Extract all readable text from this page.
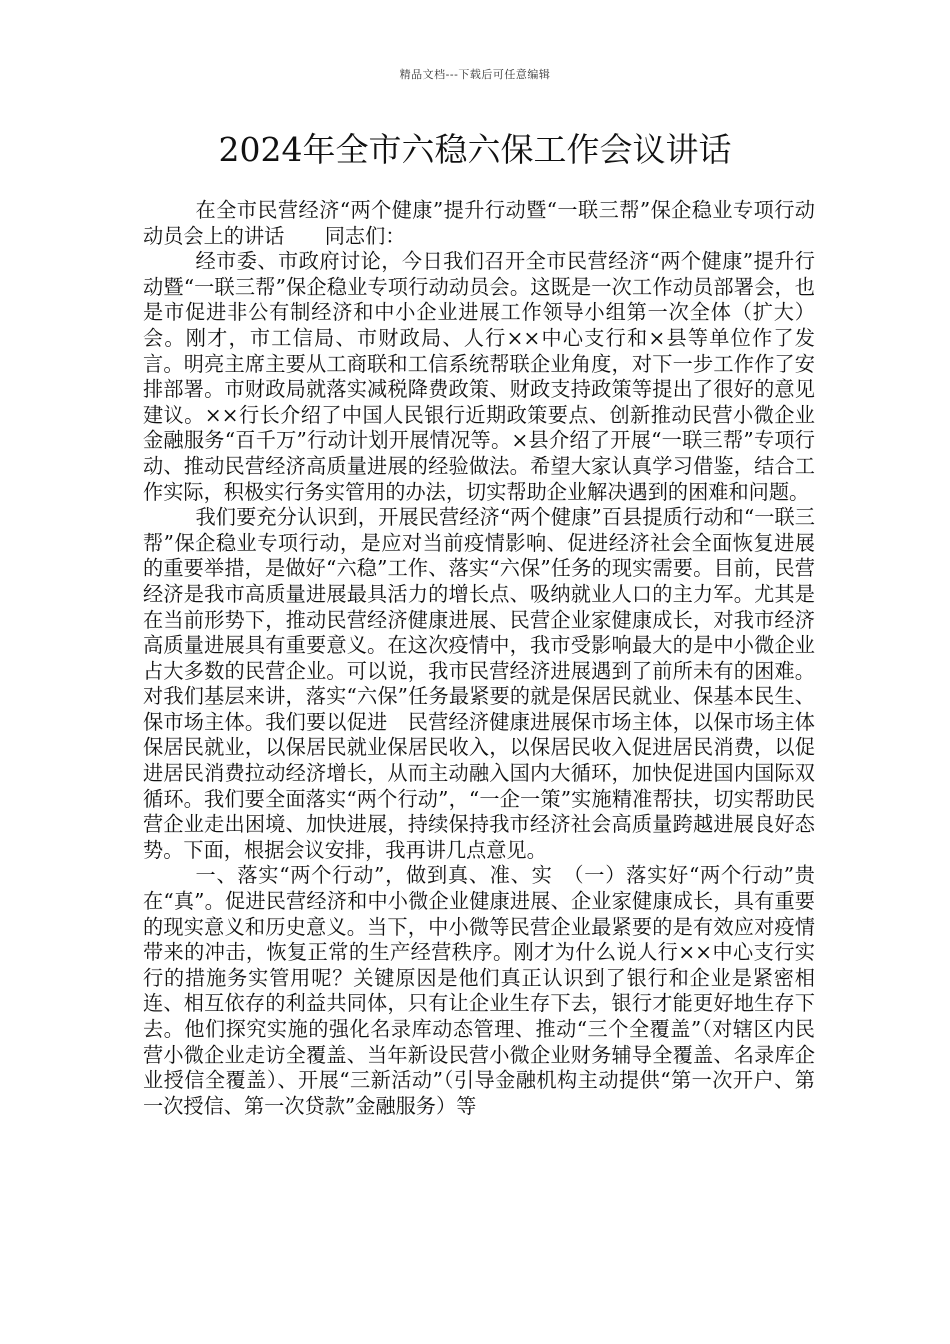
精品文档---下载后可任意编辑
2024年全市六稳六保工作会议讲话

在全市民营经济“两个健康”提升行动暨“一联三帮”保企稳业专项行动动员会上的讲话　　同志们：

经市委、市政府讨论，今日我们召开全市民营经济“两个健康”提升行动暨“一联三帮”保企稳业专项行动动员会。这既是一次工作动员部署会，也是市促进非公有制经济和中小企业进展工作领导小组第一次全体（扩大）会。刚才，市工信局、市财政局、人行××中心支行和×县等单位作了发言。明亮主席主要从工商联和工信系统帮联企业角度，对下一步工作作了安排部署。市财政局就落实减税降费政策、财政支持政策等提出了很好的意见建议。××行长介绍了中国人民银行近期政策要点、创新推动民营小微企业金融服务“百千万”行动计划开展情况等。×县介绍了开展“一联三帮”专项行动、推动民营经济高质量进展的经验做法。希望大家认真学习借鉴，结合工作实际，积极实行务实管用的办法，切实帮助企业解决遇到的困难和问题。

我们要充分认识到，开展民营经济“两个健康”百县提质行动和“一联三帮”保企稳业专项行动，是应对当前疫情影响、促进经济社会全面恢复进展的重要举措，是做好“六稳”工作、落实“六保”任务的现实需要。目前，民营经济是我市高质量进展最具活力的增长点、吸纳就业人口的主力军。尤其是在当前形势下，推动民营经济健康进展、民营企业家健康成长，对我市经济高质量进展具有重要意义。在这次疫情中，我市受影响最大的是中小微企业占大多数的民营企业。可以说，我市民营经济进展遇到了前所未有的困难。对我们基层来讲，落实“六保”任务最紧要的就是保居民就业、保基本民生、保市场主体。我们要以促进　民营经济健康进展保市场主体，以保市场主体保居民就业，以保居民就业保居民收入，以保居民收入促进居民消费，以促进居民消费拉动经济增长，从而主动融入国内大循环，加快促进国内国际双循环。我们要全面落实“两个行动”，“一企一策”实施精准帮扶，切实帮助民营企业走出困境、加快进展，持续保持我市经济社会高质量跨越进展良好态势。下面，根据会议安排，我再讲几点意见。

一、落实“两个行动”，做到真、准、实　（一）落实好“两个行动”贵在“真”。促进民营经济和中小微企业健康进展、企业家健康成长，具有重要的现实意义和历史意义。当下，中小微等民营企业最紧要的是有效应对疫情带来的冲击，恢复正常的生产经营秩序。刚才为什么说人行××中心支行实行的措施务实管用呢？关键原因是他们真正认识到了银行和企业是紧密相连、相互依存的利益共同体，只有让企业生存下去，银行才能更好地生存下去。他们探究实施的强化名录库动态管理、推动“三个全覆盖”（对辖区内民营小微企业走访全覆盖、当年新设民营小微企业财务辅导全覆盖、名录库企业授信全覆盖）、开展“三新活动”（引导金融机构主动提供“第一次开户、第一次授信、第一次贷款”金融服务）等
